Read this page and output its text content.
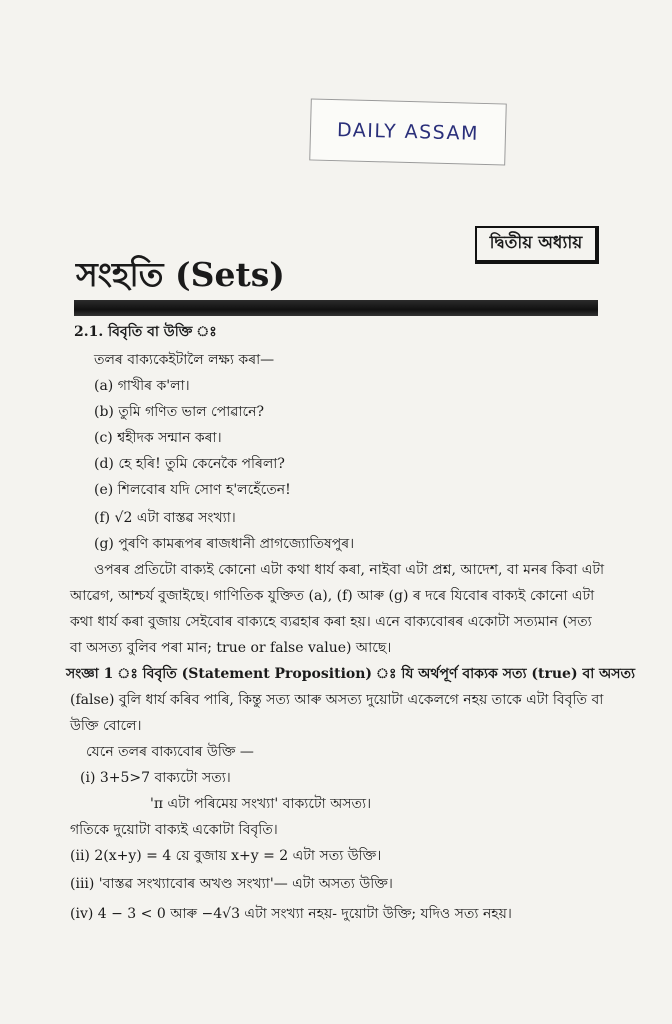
DAILY ASSAM
দ্বিতীয় অধ্যায়
সংহতি (Sets)
2.1. বিবৃতি বা উক্তি ঃ
তলৰ বাক্যকেইটালৈ লক্ষ্য কৰা—
(a) গাখীৰ ক'লা।
(b) তুমি গণিত ভাল পোৱানে?
(c) শ্বহীদক সন্মান কৰা।
(d) হে হৰি! তুমি কেনেকৈ পৰিলা?
(e) শিলবোৰ যদি সোণ হ'লহেঁতেন!
(f) √2 এটা বাস্তৱ সংখ্যা।
(g) পুৰণি কামৰূপৰ ৰাজধানী প্ৰাগজ্যোতিষপুৰ।
ওপৰৰ প্ৰতিটো বাক্যই কোনো এটা কথা ধাৰ্য কৰা, নাইবা এটা প্ৰশ্ন, আদেশ, বা মনৰ কিবা এটা
আৱেগ, আশ্চৰ্য বুজাইছে। গাণিতিক যুক্তিত (a), (f) আৰু (g) ৰ দৰে যিবোৰ বাক্যই কোনো এটা
কথা ধাৰ্য কৰা বুজায় সেইবোৰ বাক্যহে ব্যৱহাৰ কৰা হয়। এনে বাক্যবোৰৰ একোটা সত্যমান (সত্য
বা অসত্য বুলিব পৰা মান; true or false value) আছে।
সংজ্ঞা 1 ঃ বিবৃতি (Statement Proposition) ঃ যি অৰ্থপূৰ্ণ বাক্যক সত্য (true) বা অসত্য
(false) বুলি ধাৰ্য কৰিব পাৰি, কিন্তু সত্য আৰু অসত্য দুয়োটা একেলগে নহয় তাকে এটা বিবৃতি বা
উক্তি বোলে।
যেনে তলৰ বাক্যবোৰ উক্তি —
(i) 3+5>7 বাক্যটো সত্য।
'π এটা পৰিমেয় সংখ্যা' বাক্যটো অসত্য।
গতিকে দুয়োটা বাক্যই একোটা বিবৃতি।
(ii) 2(x+y) = 4 য়ে বুজায় x+y = 2 এটা সত্য উক্তি।
(iii) 'বাস্তৱ সংখ্যাবোৰ অখণ্ড সংখ্যা'— এটা অসত্য উক্তি।
(iv) 4 − 3 < 0 আৰু −4√3 এটা সংখ্যা নহয়- দুয়োটা উক্তি; যদিও সত্য নহয়।
